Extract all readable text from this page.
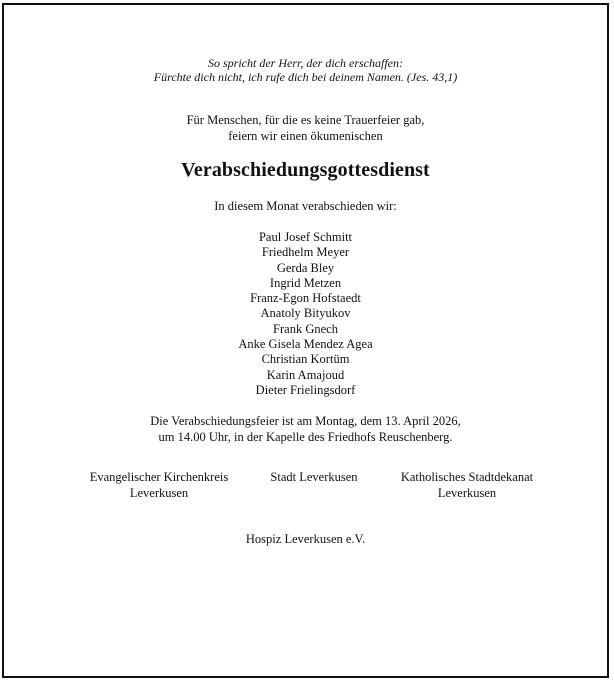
So spricht der Herr, der dich erschaffen:
Fürchte dich nicht, ich rufe dich bei deinem Namen. (Jes. 43,1)
Für Menschen, für die es keine Trauerfeier gab,
feiern wir einen ökumenischen
Verabschiedungsgottesdienst
In diesem Monat verabschieden wir:
Paul Josef Schmitt
Friedhelm Meyer
Gerda Bley
Ingrid Metzen
Franz-Egon Hofstaedt
Anatoly Bityukov
Frank Gnech
Anke Gisela Mendez Agea
Christian Kortüm
Karin Amajoud
Dieter Frielingsdorf
Die Verabschiedungsfeier ist am Montag, dem 13. April 2026,
um 14.00 Uhr, in der Kapelle des Friedhofs Reuschenberg.
Evangelischer Kirchenkreis
Leverkusen
Stadt Leverkusen	Katholisches Stadtdekanat
Leverkusen
Hospiz Leverkusen e.V.
